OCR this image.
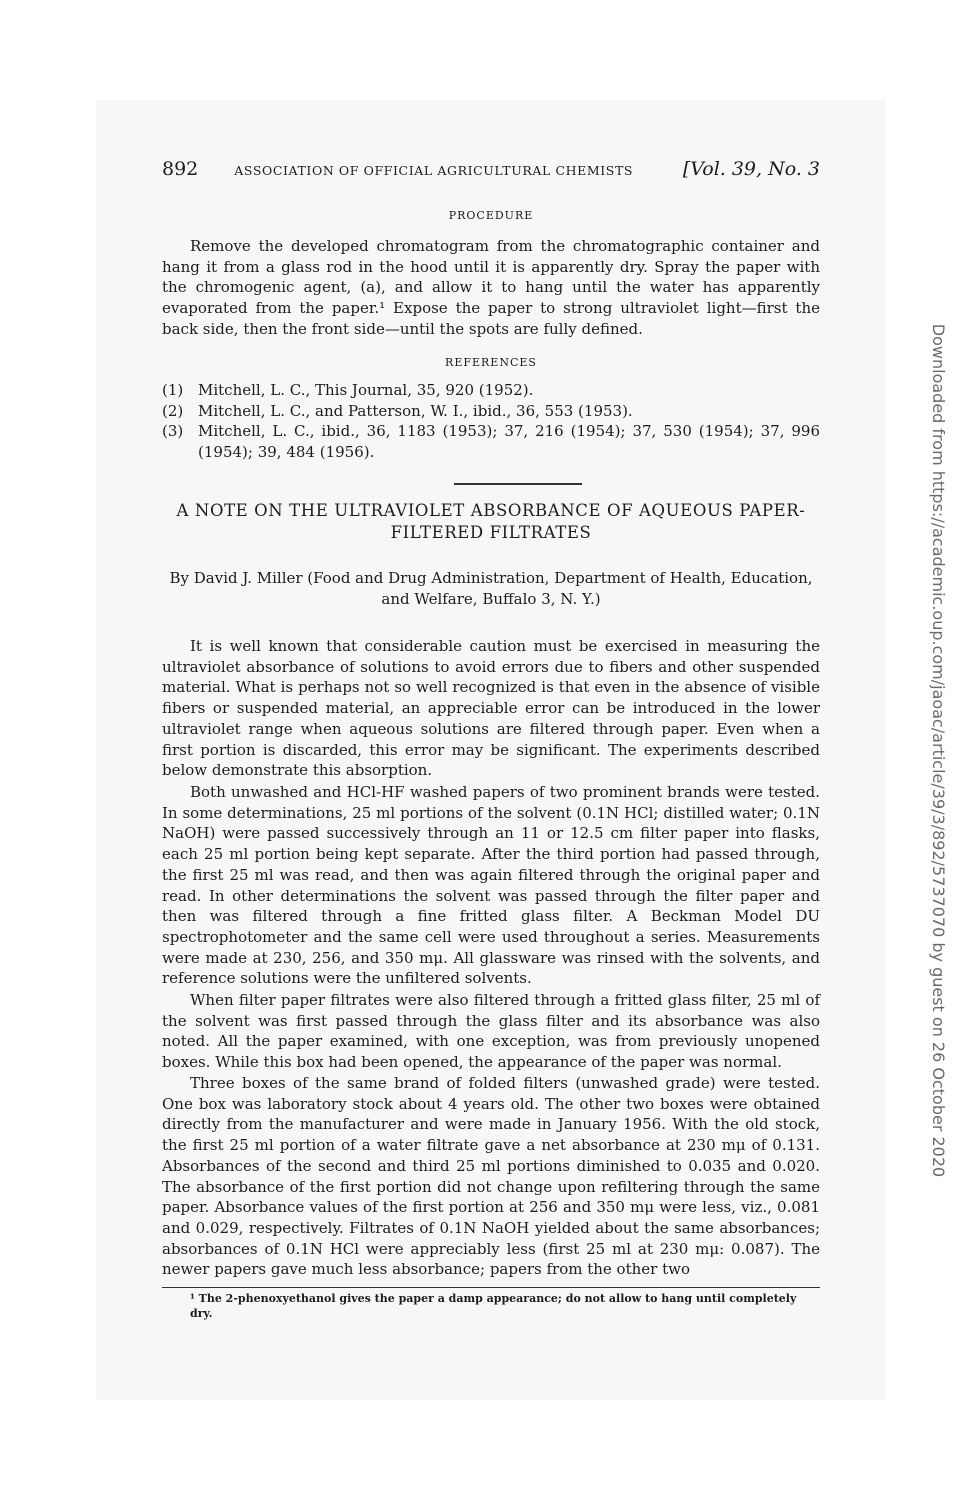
892	ASSOCIATION OF OFFICIAL AGRICULTURAL CHEMISTS	[Vol. 39, No. 3
PROCEDURE

Remove the developed chromatogram from the chromatographic container and hang it from a glass rod in the hood until it is apparently dry. Spray the paper with the chromogenic agent, (a), and allow it to hang until the water has apparently evaporated from the paper.¹ Expose the paper to strong ultraviolet light—first the back side, then the front side—until the spots are fully defined.

REFERENCES
(1) Mitchell, L. C., This Journal, 35, 920 (1952).
(2) Mitchell, L. C., and Patterson, W. I., ibid., 36, 553 (1953).
(3) Mitchell, L. C., ibid., 36, 1183 (1953); 37, 216 (1954); 37, 530 (1954); 37, 996 (1954); 39, 484 (1956).
A NOTE ON THE ULTRAVIOLET ABSORBANCE OF AQUEOUS PAPER-FILTERED FILTRATES
By David J. Miller (Food and Drug Administration, Department of Health, Education, and Welfare, Buffalo 3, N. Y.)

It is well known that considerable caution must be exercised in measuring the ultraviolet absorbance of solutions to avoid errors due to fibers and other suspended material. What is perhaps not so well recognized is that even in the absence of visible fibers or suspended material, an appreciable error can be introduced in the lower ultraviolet range when aqueous solutions are filtered through paper. Even when a first portion is discarded, this error may be significant. The experiments described below demonstrate this absorption.

Both unwashed and HCl-HF washed papers of two prominent brands were tested. In some determinations, 25 ml portions of the solvent (0.1N HCl; distilled water; 0.1N NaOH) were passed successively through an 11 or 12.5 cm filter paper into flasks, each 25 ml portion being kept separate. After the third portion had passed through, the first 25 ml was read, and then was again filtered through the original paper and read. In other determinations the solvent was passed through the filter paper and then was filtered through a fine fritted glass filter. A Beckman Model DU spectrophotometer and the same cell were used throughout a series. Measurements were made at 230, 256, and 350 mμ. All glassware was rinsed with the solvents, and reference solutions were the unfiltered solvents.

When filter paper filtrates were also filtered through a fritted glass filter, 25 ml of the solvent was first passed through the glass filter and its absorbance was also noted. All the paper examined, with one exception, was from previously unopened boxes. While this box had been opened, the appearance of the paper was normal.

Three boxes of the same brand of folded filters (unwashed grade) were tested. One box was laboratory stock about 4 years old. The other two boxes were obtained directly from the manufacturer and were made in January 1956. With the old stock, the first 25 ml portion of a water filtrate gave a net absorbance at 230 mμ of 0.131. Absorbances of the second and third 25 ml portions diminished to 0.035 and 0.020. The absorbance of the first portion did not change upon refiltering through the same paper. Absorbance values of the first portion at 256 and 350 mμ were less, viz., 0.081 and 0.029, respectively. Filtrates of 0.1N NaOH yielded about the same absorbances; absorbances of 0.1N HCl were appreciably less (first 25 ml at 230 mμ: 0.087). The newer papers gave much less absorbance; papers from the other two

¹ The 2-phenoxyethanol gives the paper a damp appearance; do not allow to hang until completely dry.
Downloaded from https://academic.oup.com/jaoac/article/39/3/892/5737070 by guest on 26 October 2020
